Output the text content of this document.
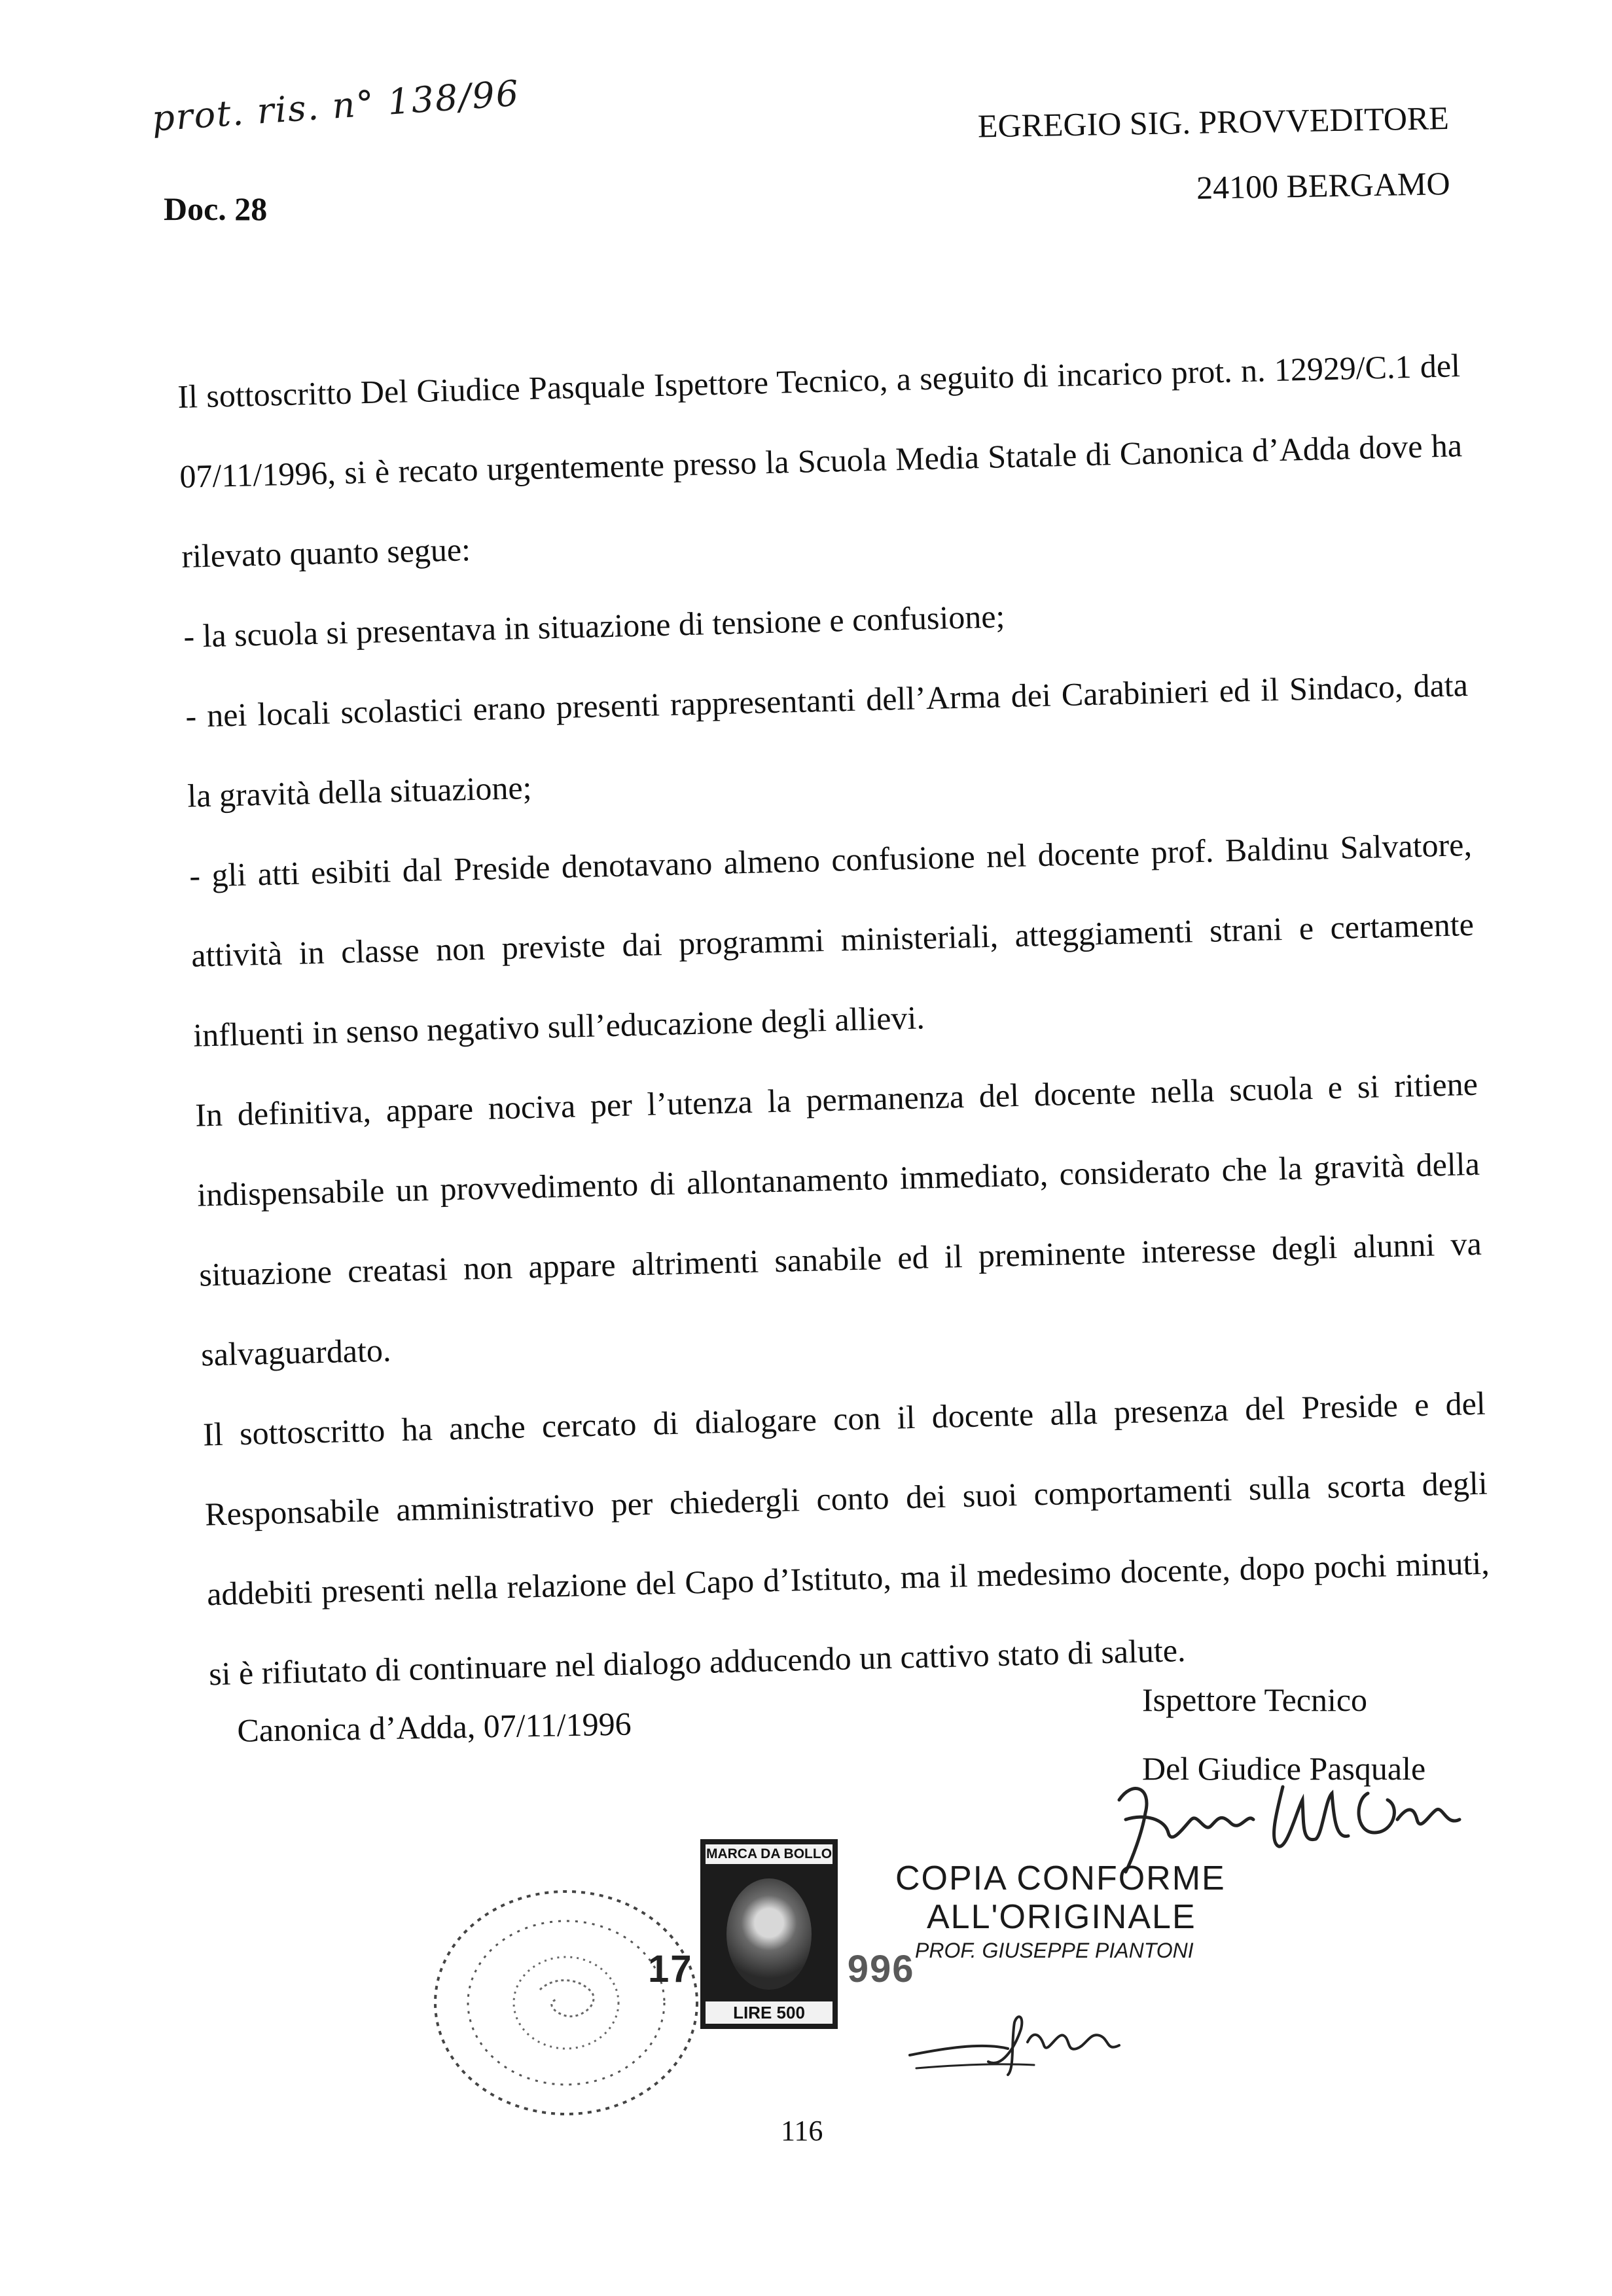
prot. ris. n° 138/96
Doc. 28
EGREGIO SIG. PROVVEDITORE
24100 BERGAMO

Il sottoscritto Del Giudice Pasquale Ispettore Tecnico, a seguito di incarico prot. n. 12929/C.1 del 07/11/1996, si è recato urgentemente presso la Scuola Media Statale di Canonica d’Adda dove ha rilevato quanto segue:

- la scuola si presentava in situazione di tensione e confusione;

- nei locali scolastici erano presenti rappresentanti dell’Arma dei Carabinieri ed il Sindaco, data la gravità della situazione;

- gli atti esibiti dal Preside denotavano almeno confusione nel docente prof. Baldinu Salvatore, attività in classe non previste dai programmi ministeriali, atteggiamenti strani e certamente influenti in senso negativo sull’educazione degli allievi.

In definitiva, appare nociva per l’utenza la permanenza del docente nella scuola e si ritiene indispensabile un provvedimento di allontanamento immediato, considerato che la gravità della situazione creatasi non appare altrimenti sanabile ed il preminente interesse degli alunni va salvaguardato.

Il sottoscritto ha anche cercato di dialogare con il docente alla presenza del Preside e del Responsabile amministrativo per chiedergli conto dei suoi comportamenti sulla scorta degli addebiti presenti nella relazione del Capo d’Istituto, ma il medesimo docente, dopo pochi minuti, si è rifiutato di continuare nel dialogo adducendo un cattivo stato di salute.

Ispettore Tecnico
Del Giudice Pasquale
Canonica d’Adda, 07/11/1996
MARCA DA BOLLO
LIRE 500
17	996
COPIA CONFORME
ALL'ORIGINALE
PROF. GIUSEPPE PIANTONI
116
